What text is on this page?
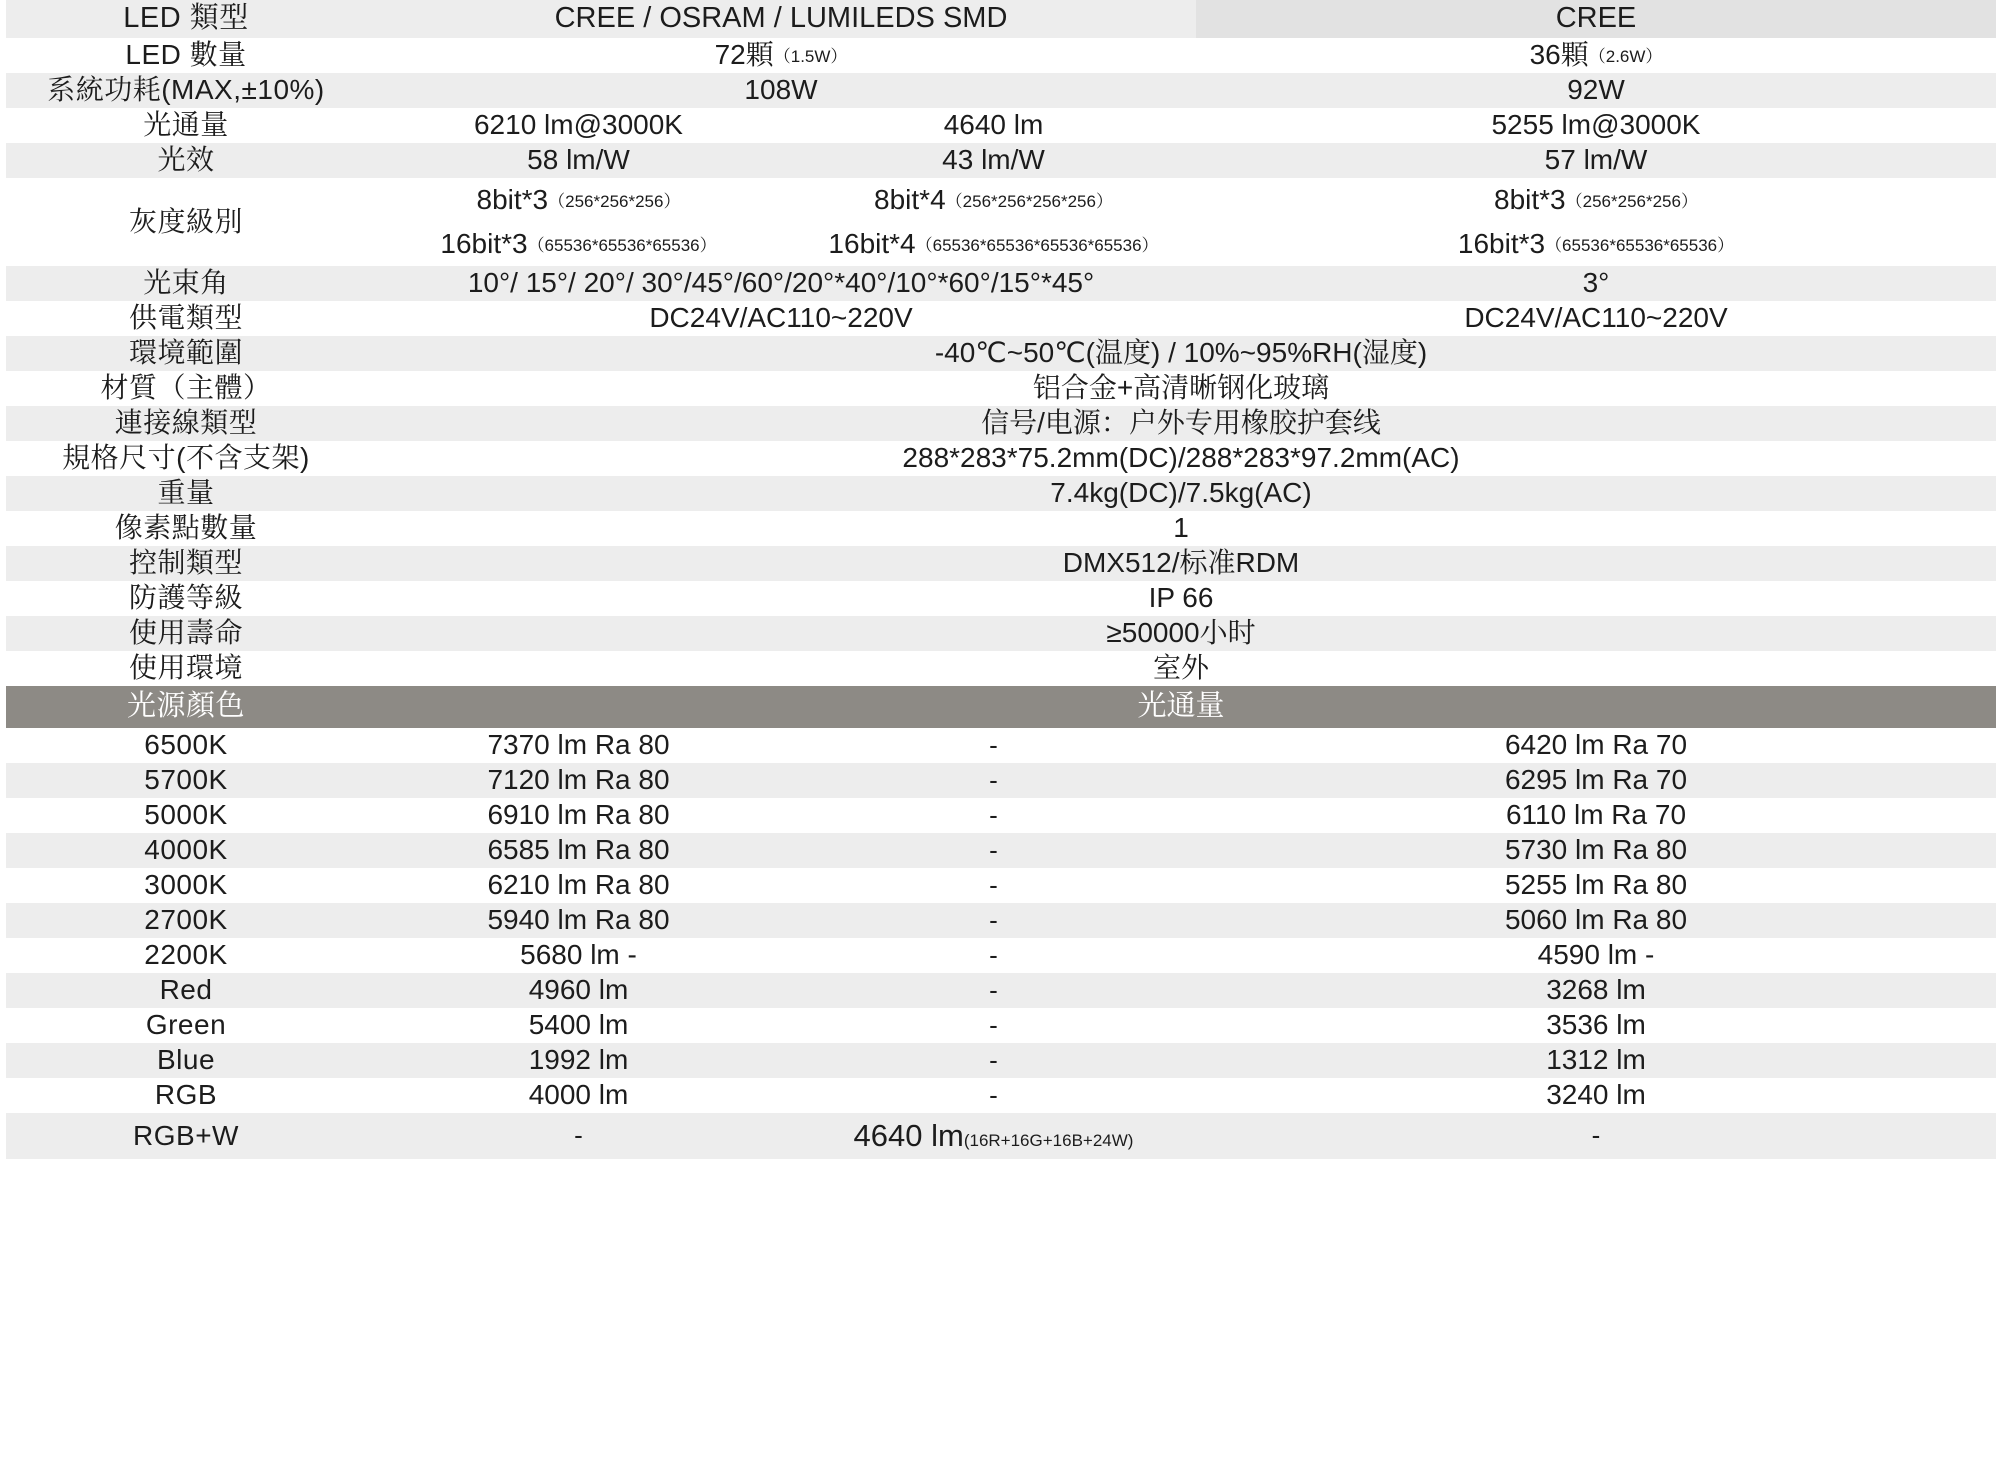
LED 類型	CREE / OSRAM / LUMILEDS SMD		CREE
LED 數量	72顆（1.5W）		36顆（2.6W）
系統功耗(MAX,±10%)	108W		92W
光通量	6210 lm@3000K	4640 lm	5255 lm@3000K
光效	58 lm/W	43 lm/W	57 lm/W
灰度級別	8bit*3（256*256*256）	8bit*4（256*256*256*256）	8bit*3（256*256*256）
	16bit*3（65536*65536*65536）	16bit*4（65536*65536*65536*65536）	16bit*3（65536*65536*65536）
光束角	10°/ 15°/ 20°/ 30°/45°/60°/20°*40°/10°*60°/15°*45°		3°
供電類型	DC24V/AC110~220V		DC24V/AC110~220V
環境範圍	-40℃~50℃(温度) / 10%~95%RH(湿度)		
材質（主體）	铝合金+高清晰钢化玻璃		
連接線類型	信号/电源：户外专用橡胶护套线		
規格尺寸(不含支架)	288*283*75.2mm(DC)/288*283*97.2mm(AC)		
重量	7.4kg(DC)/7.5kg(AC)		
像素點數量	1		
控制類型	DMX512/标准RDM		
防護等級	IP 66		
使用壽命	≥50000小时		
使用環境	室外		
光源顏色	光通量		
6500K	7370 lm Ra 80	-	6420 lm Ra 70
5700K	7120 lm Ra 80	-	6295 lm Ra 70
5000K	6910 lm Ra 80	-	6110 lm Ra 70
4000K	6585 lm Ra 80	-	5730 lm Ra 80
3000K	6210 lm Ra 80	-	5255 lm Ra 80
2700K	5940 lm Ra 80	-	5060 lm Ra 80
2200K	5680 lm -	-	4590 lm -
Red	4960 lm	-	3268 lm
Green	5400 lm	-	3536 lm
Blue	1992 lm	-	1312 lm
RGB	4000 lm	-	3240 lm
RGB+W	-	4640 lm(16R+16G+16B+24W)	-
